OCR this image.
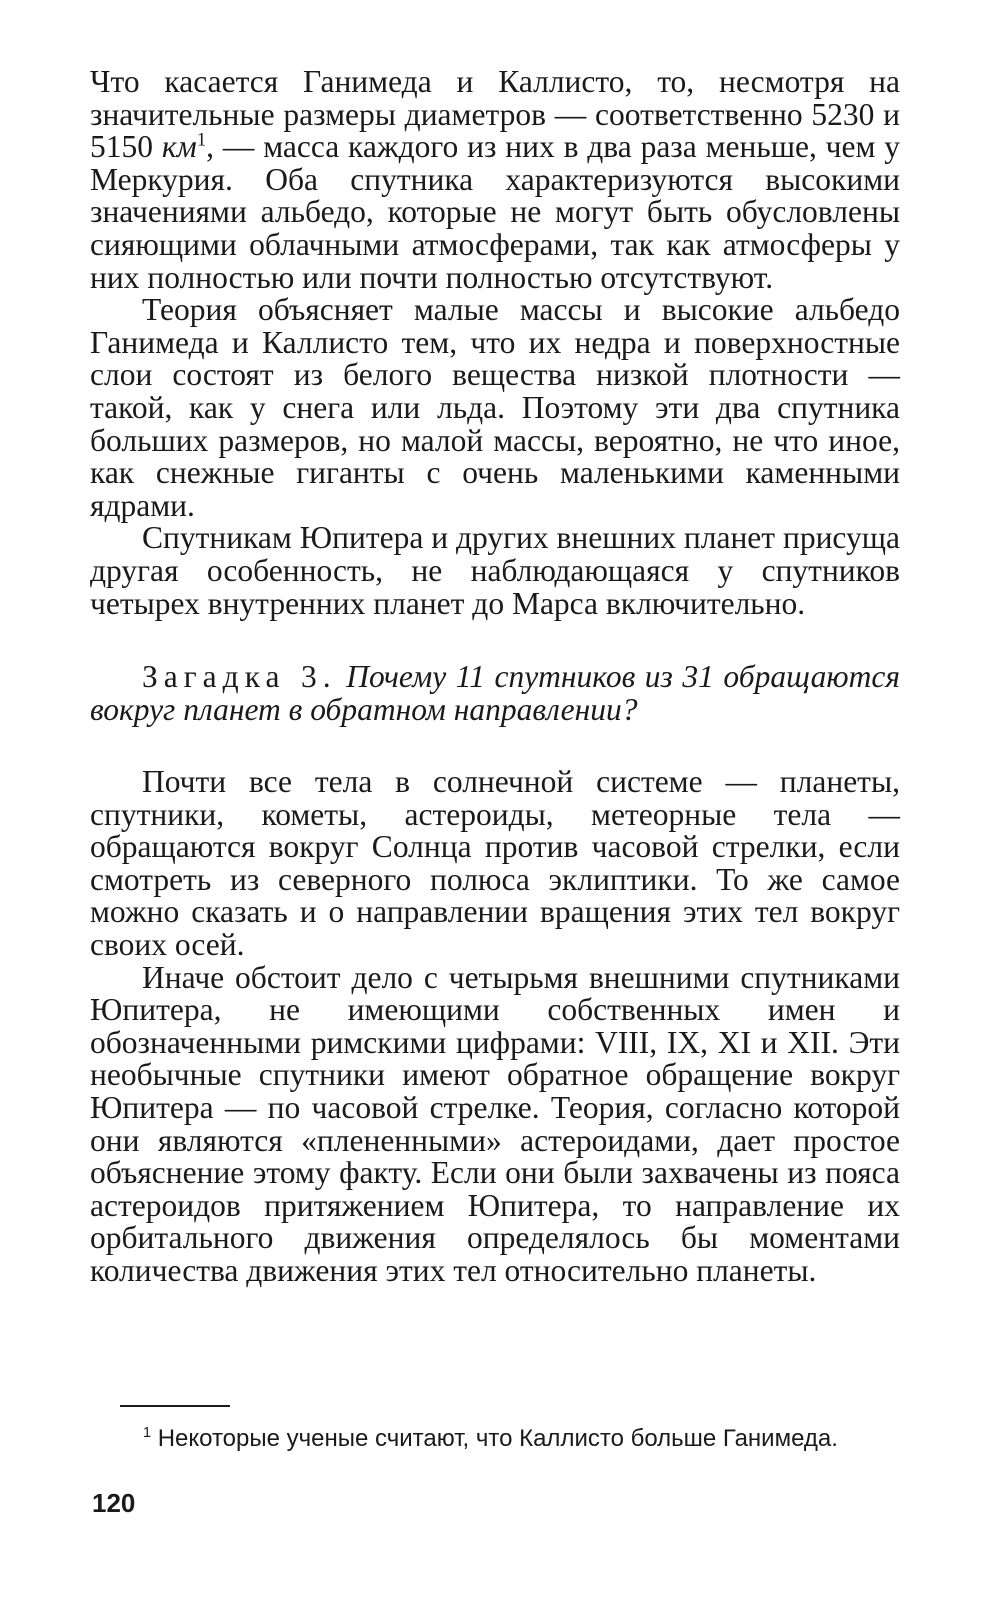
Что касается Ганимеда и Каллисто, то, несмотря на значительные размеры диаметров — соответственно 5230 и 5150 $км^1$, — масса каждого из них в два раза меньше, чем у Меркурия. Оба спутника характеризуются высокими значениями альбедо, которые не могут быть обусловлены сияющими облачными атмосферами, так как атмосферы у них полностью или почти полностью отсутствуют.

Теория объясняет малые массы и высокие альбедо Ганимеда и Каллисто тем, что их недра и поверхностные слои состоят из белого вещества низкой плотности — такой, как у снега или льда. Поэтому эти два спутника больших размеров, но малой массы, вероятно, не что иное, как снежные гиганты с очень маленькими каменными ядрами.

Спутникам Юпитера и других внешних планет присуща другая особенность, не наблюдающаяся у спутников четырех внутренних планет до Марса включительно.

Загадка 3. Почему 11 спутников из 31 обращаются вокруг планет в обратном направлении?

Почти все тела в солнечной системе — планеты, спутники, кометы, астероиды, метеорные тела — обращаются вокруг Солнца против часовой стрелки, если смотреть из северного полюса эклиптики. То же самое можно сказать и о направлении вращения этих тел вокруг своих осей.

Иначе обстоит дело с четырьмя внешними спутниками Юпитера, не имеющими собственных имен и обозначенными римскими цифрами: VIII, IX, XI и XII. Эти необычные спутники имеют обратное обращение вокруг Юпитера — по часовой стрелке. Теория, согласно которой они являются «плененными» астероидами, дает простое объяснение этому факту. Если они были захвачены из пояса астероидов притяжением Юпитера, то направление их орбитального движения определялось бы моментами количества движения этих тел относительно планеты.

$^1$ Некоторые ученые считают, что Каллисто больше Ганимеда.
120
